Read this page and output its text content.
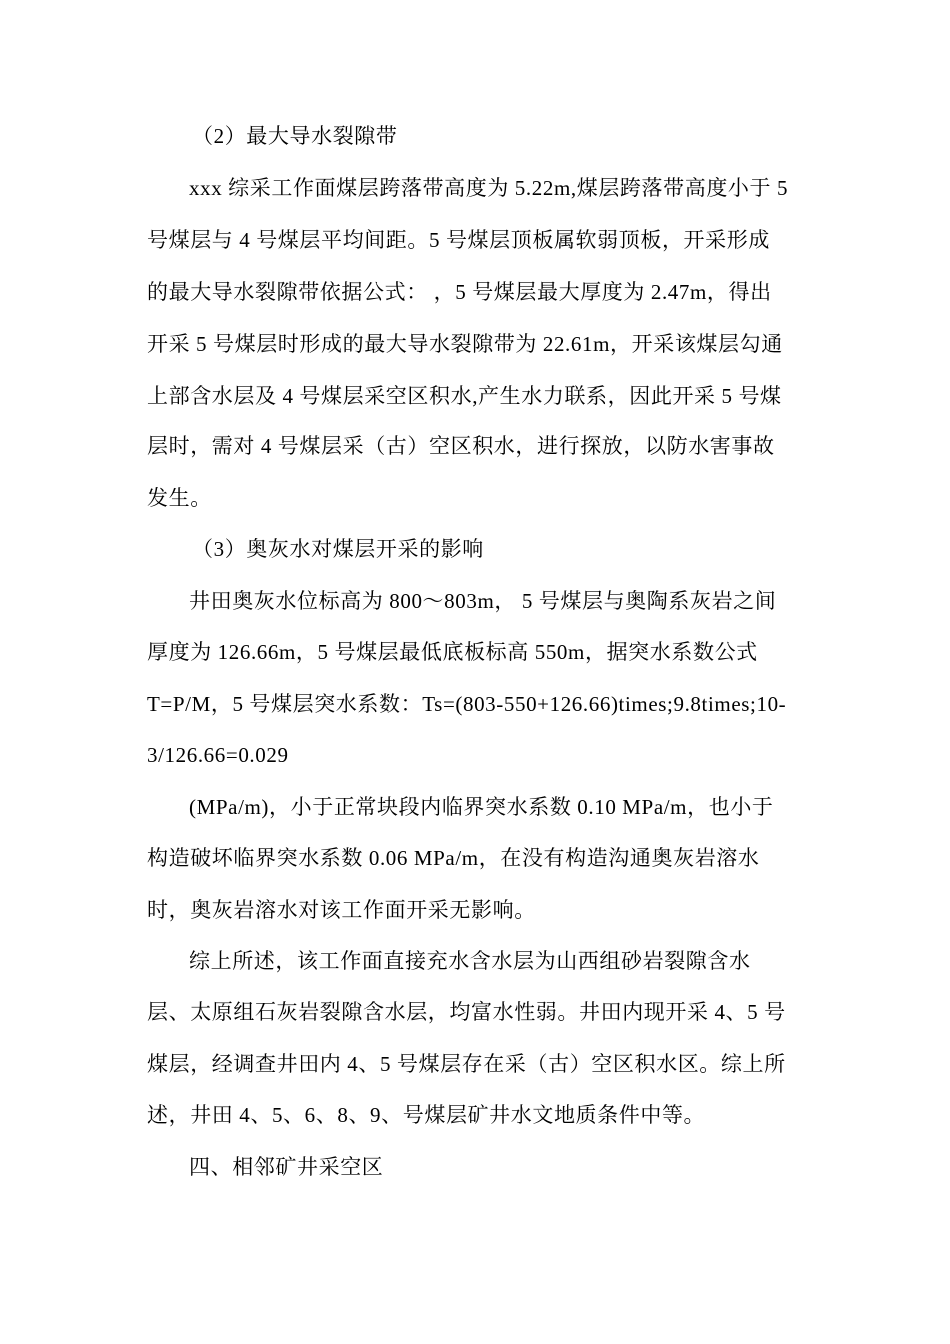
（2）最大导水裂隙带
xxx 综采工作面煤层跨落带高度为 5.22m,煤层跨落带高度小于 5
号煤层与 4 号煤层平均间距。5 号煤层顶板属软弱顶板，开采形成
的最大导水裂隙带依据公式： ，5 号煤层最大厚度为 2.47m，得出
开采 5 号煤层时形成的最大导水裂隙带为 22.61m，开采该煤层勾通
上部含水层及 4 号煤层采空区积水,产生水力联系，因此开采 5 号煤
层时，需对 4 号煤层采（古）空区积水，进行探放，以防水害事故
发生。
（3）奥灰水对煤层开采的影响
井田奥灰水位标高为 800～803m， 5 号煤层与奥陶系灰岩之间
厚度为 126.66m，5 号煤层最低底板标高 550m，据突水系数公式
T=P/M，5 号煤层突水系数：Ts=(803-550+126.66)times;9.8times;10-
3/126.66=0.029
(MPa/m)，小于正常块段内临界突水系数 0.10 MPa/m，也小于
构造破坏临界突水系数 0.06 MPa/m，在没有构造沟通奥灰岩溶水
时，奥灰岩溶水对该工作面开采无影响。
综上所述，该工作面直接充水含水层为山西组砂岩裂隙含水
层、太原组石灰岩裂隙含水层，均富水性弱。井田内现开采 4、5 号
煤层，经调查井田内 4、5 号煤层存在采（古）空区积水区。综上所
述，井田 4、5、6、8、9、号煤层矿井水文地质条件中等。
四、相邻矿井采空区
